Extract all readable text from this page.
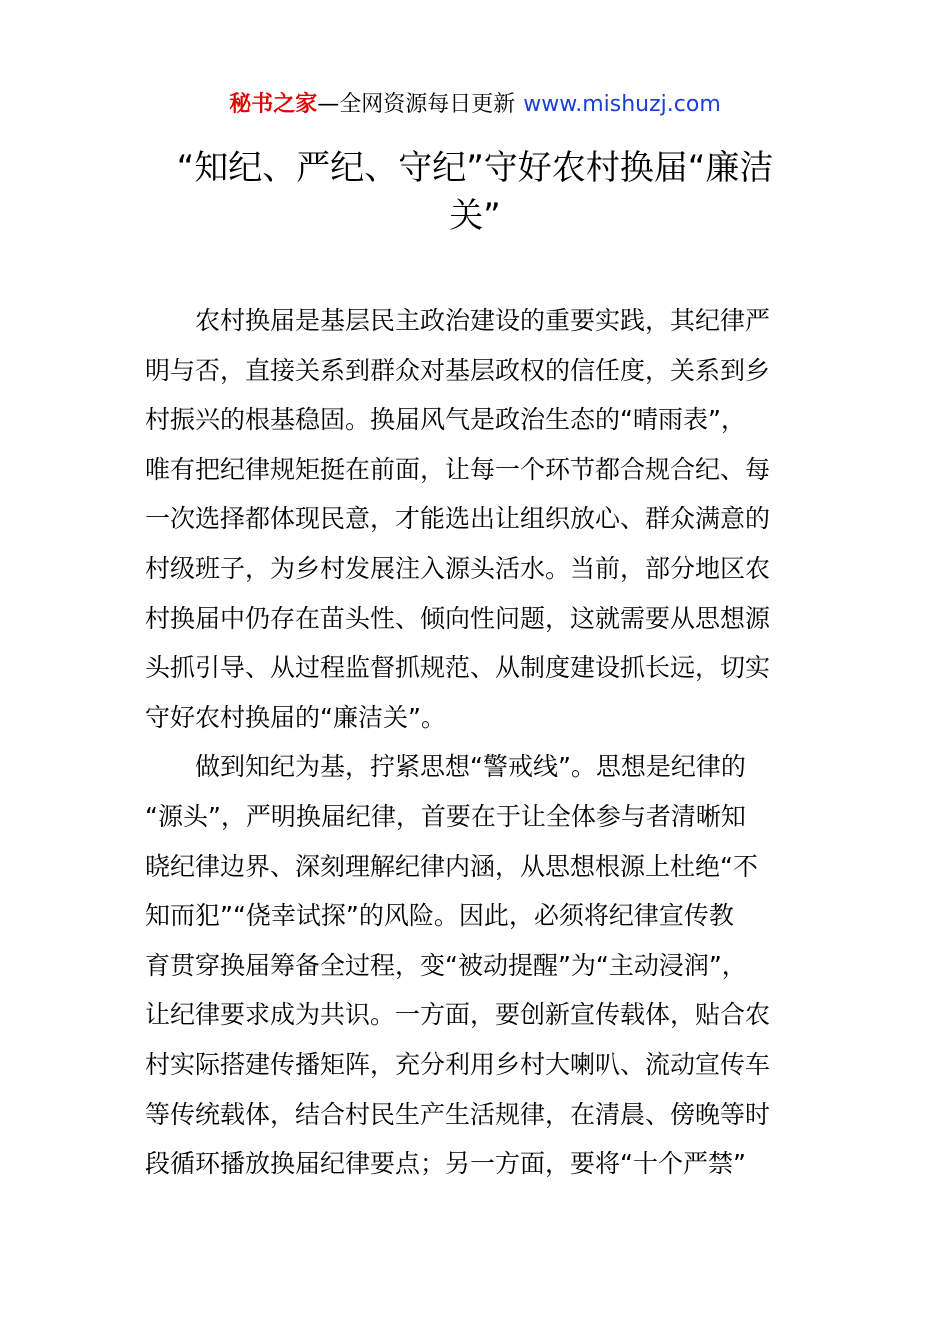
秘书之家—全网资源每日更新 www.mishuzj.com
“知纪、严纪、守纪”守好农村换届“廉洁
关”
农村换届是基层民主政治建设的重要实践，其纪律严
明与否，直接关系到群众对基层政权的信任度，关系到乡
村振兴的根基稳固。换届风气是政治生态的“晴雨表”，
唯有把纪律规矩挺在前面，让每一个环节都合规合纪、每
一次选择都体现民意，才能选出让组织放心、群众满意的
村级班子，为乡村发展注入源头活水。当前，部分地区农
村换届中仍存在苗头性、倾向性问题，这就需要从思想源
头抓引导、从过程监督抓规范、从制度建设抓长远，切实
守好农村换届的“廉洁关”。
做到知纪为基，拧紧思想“警戒线”。思想是纪律的
“源头”，严明换届纪律，首要在于让全体参与者清晰知
晓纪律边界、深刻理解纪律内涵，从思想根源上杜绝“不
知而犯”“侥幸试探”的风险。因此，必须将纪律宣传教
育贯穿换届筹备全过程，变“被动提醒”为“主动浸润”，
让纪律要求成为共识。一方面，要创新宣传载体，贴合农
村实际搭建传播矩阵，充分利用乡村大喇叭、流动宣传车
等传统载体，结合村民生产生活规律，在清晨、傍晚等时
段循环播放换届纪律要点；另一方面，要将“十个严禁”
